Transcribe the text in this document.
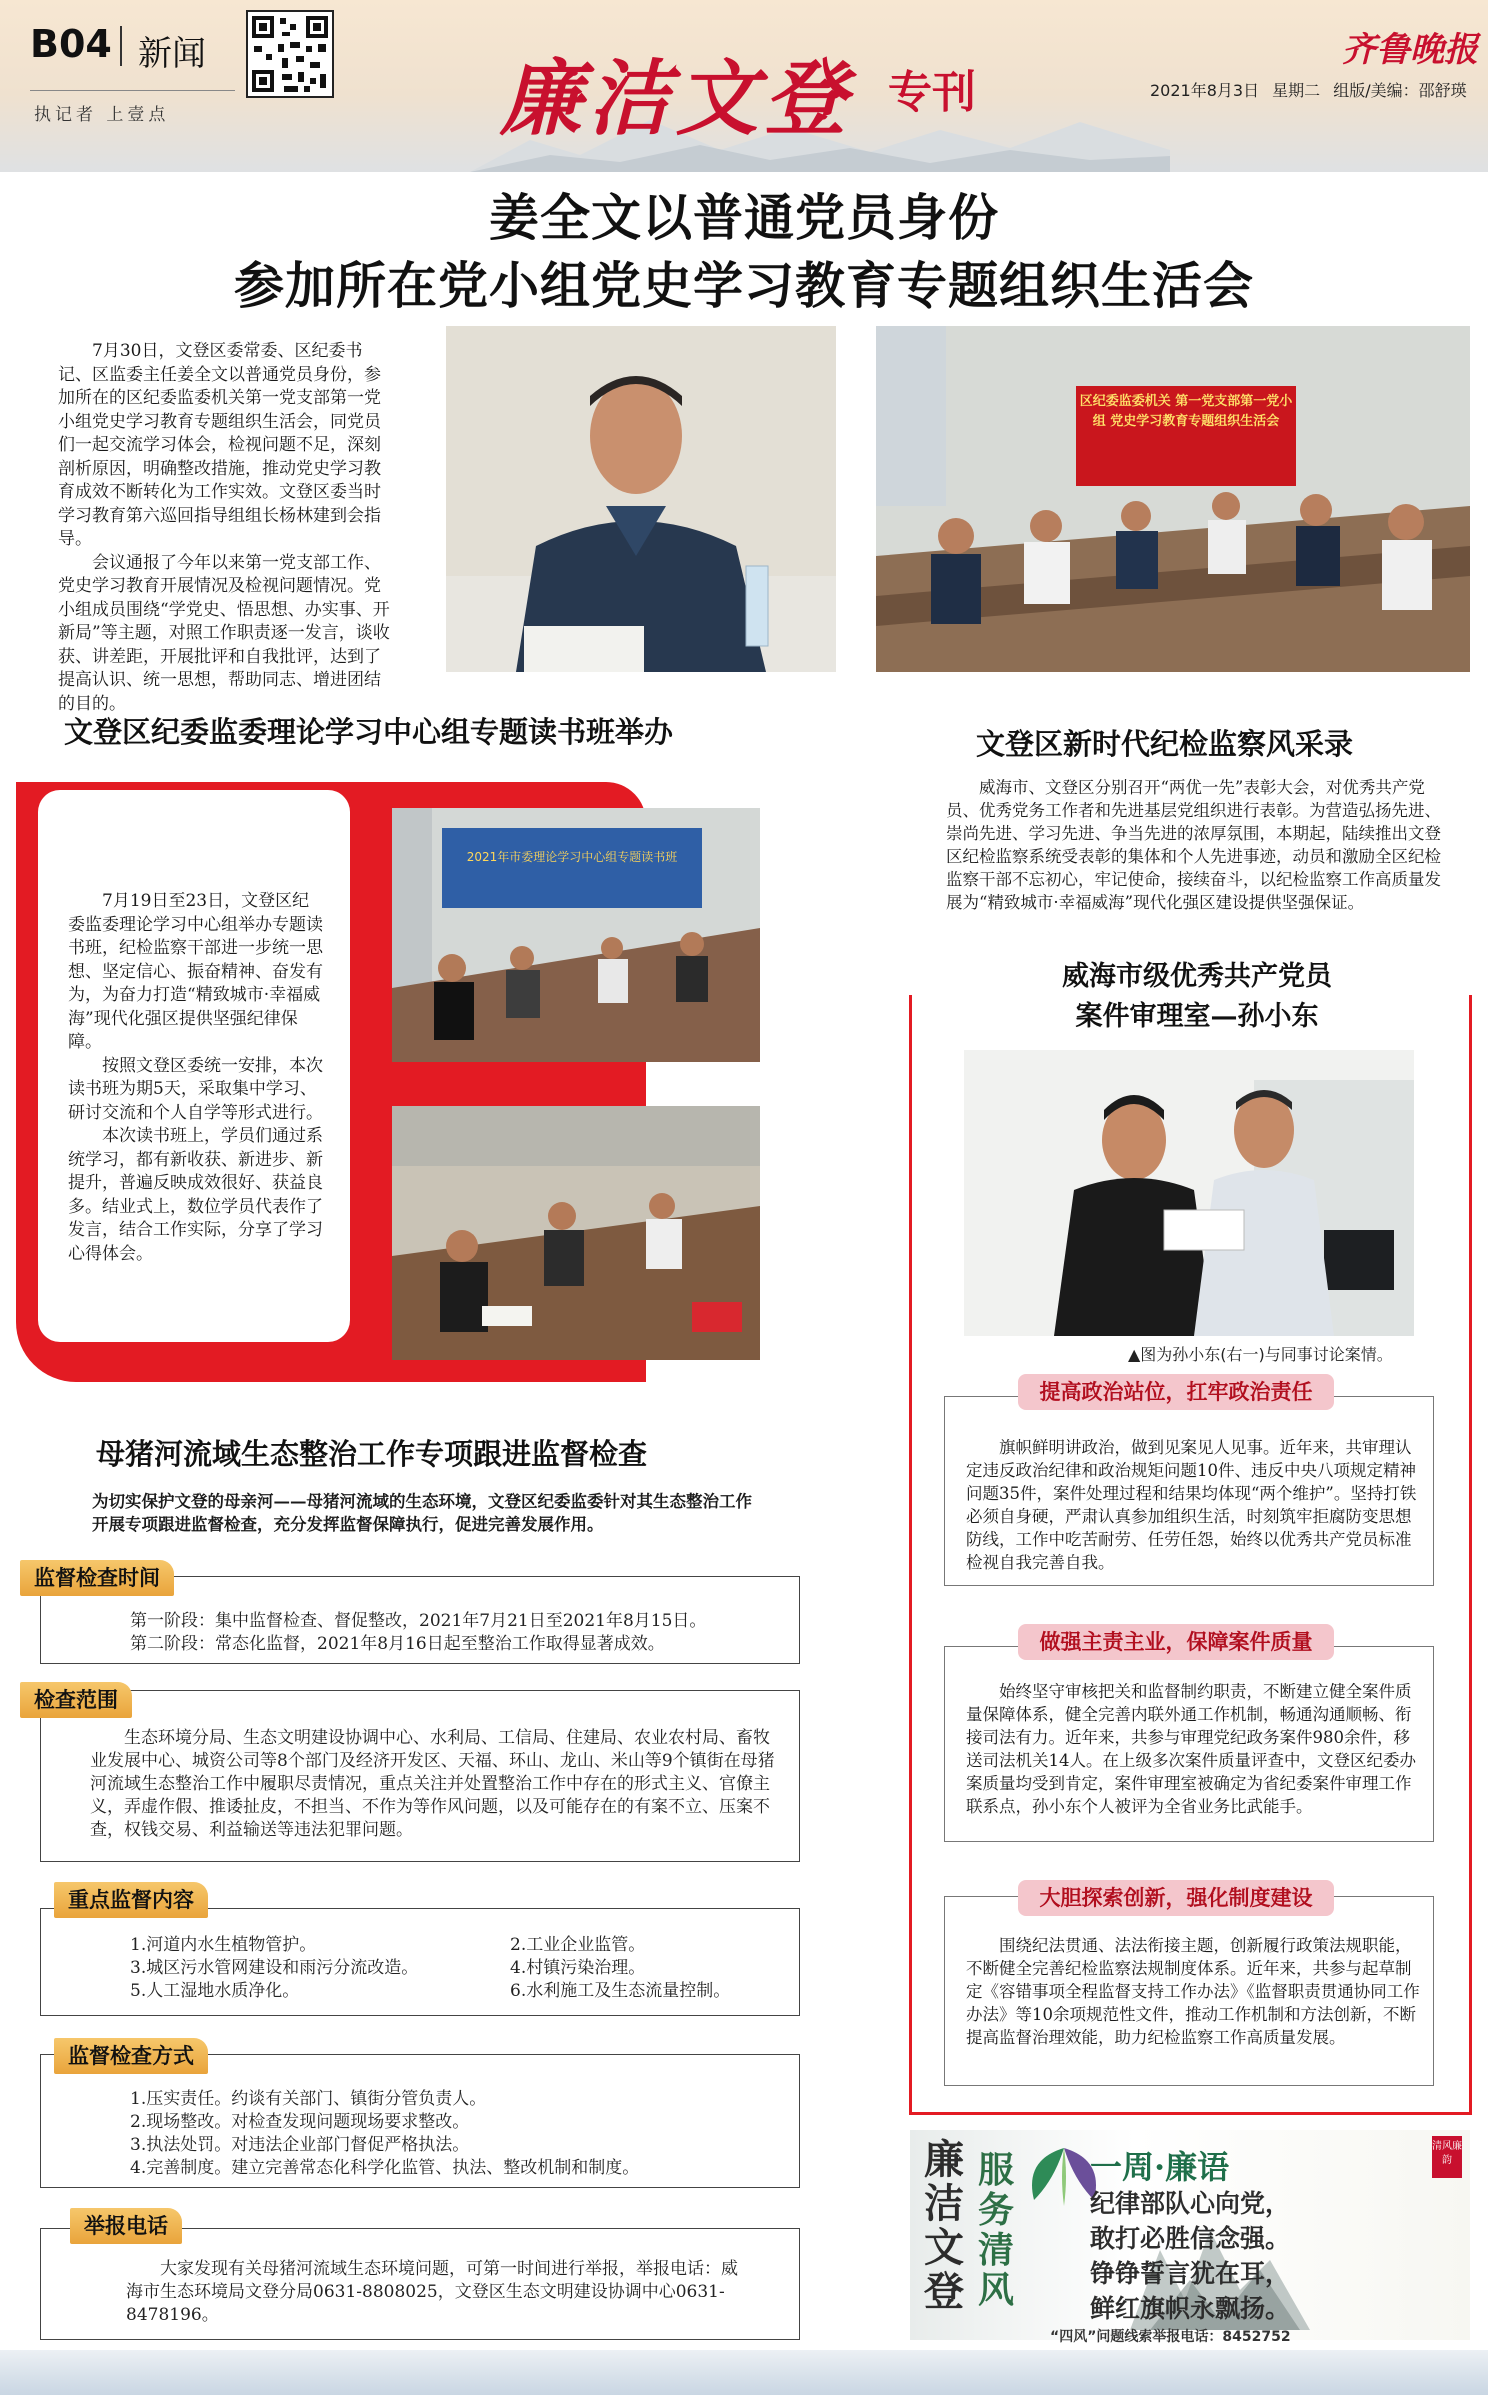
B04 新闻
执记者 上壹点	廉洁文登 专刊
齐鲁晚报
2021年8月3日 星期二 组版/美编：邵舒瑛
姜全文以普通党员身份
参加所在党小组党史学习教育专题组织生活会

7月30日，文登区委常委、区纪委书记、区监委主任姜全文以普通党员身份，参加所在的区纪委监委机关第一党支部第一党小组党史学习教育专题组织生活会，同党员们一起交流学习体会，检视问题不足，深刻剖析原因，明确整改措施，推动党史学习教育成效不断转化为工作实效。文登区委当时学习教育第六巡回指导组组长杨林建到会指导。

会议通报了今年以来第一党支部工作、党史学习教育开展情况及检视问题情况。党小组成员围绕“学党史、悟思想、办实事、开新局”等主题，对照工作职责逐一发言，谈收获、讲差距，开展批评和自我批评，达到了提高认识、统一思想，帮助同志、增进团结的目的。

区纪委监委机关 第一党支部第一党小组 党史学习教育专题组织生活会
文登区纪委监委理论学习中心组专题读书班举办

7月19日至23日，文登区纪委监委理论学习中心组举办专题读书班，纪检监察干部进一步统一思想、坚定信心、振奋精神、奋发有为，为奋力打造“精致城市·幸福威海”现代化强区提供坚强纪律保障。

按照文登区委统一安排，本次读书班为期5天，采取集中学习、研讨交流和个人自学等形式进行。

本次读书班上，学员们通过系统学习，都有新收获、新进步、新提升，普遍反映成效很好、获益良多。结业式上，数位学员代表作了发言，结合工作实际，分享了学习心得体会。

2021年市委理论学习中心组专题读书班
母猪河流域生态整治工作专项跟进监督检查
为切实保护文登的母亲河——母猪河流域的生态环境，文登区纪委监委针对其生态整治工作开展专项跟进监督检查，充分发挥监督保障执行，促进完善发展作用。
监督检查时间

第一阶段：集中监督检查、督促整改，2021年7月21日至2021年8月15日。

第二阶段：常态化监督，2021年8月16日起至整治工作取得显著成效。

检查范围
生态环境分局、生态文明建设协调中心、水利局、工信局、住建局、农业农村局、畜牧业发展中心、城资公司等8个部门及经济开发区、天福、环山、龙山、米山等9个镇街在母猪河流域生态整治工作中履职尽责情况，重点关注并处置整治工作中存在的形式主义、官僚主义，弄虚作假、推诿扯皮，不担当、不作为等作风问题，以及可能存在的有案不立、压案不查，权钱交易、利益输送等违法犯罪问题。
重点监督内容

1.河道内水生植物管护。

3.城区污水管网建设和雨污分流改造。

5.人工湿地水质净化。

2.工业企业监管。

4.村镇污染治理。

6.水利施工及生态流量控制。

监督检查方式

1.压实责任。约谈有关部门、镇街分管负责人。

2.现场整改。对检查发现问题现场要求整改。

3.执法处罚。对违法企业部门督促严格执法。

4.完善制度。建立完善常态化科学化监管、执法、整改机制和制度。

举报电话
大家发现有关母猪河流域生态环境问题，可第一时间进行举报，举报电话：威海市生态环境局文登分局0631-8808025，文登区生态文明建设协调中心0631-8478196。
文登区新时代纪检监察风采录
威海市、文登区分别召开“两优一先”表彰大会，对优秀共产党员、优秀党务工作者和先进基层党组织进行表彰。为营造弘扬先进、崇尚先进、学习先进、争当先进的浓厚氛围，本期起，陆续推出文登区纪检监察系统受表彰的集体和个人先进事迹，动员和激励全区纪检监察干部不忘初心，牢记使命，接续奋斗，以纪检监察工作高质量发展为“精致城市·幸福威海”现代化强区建设提供坚强保证。
威海市级优秀共产党员
案件审理室—孙小东
▲图为孙小东(右一)与同事讨论案情。
提高政治站位，扛牢政治责任
旗帜鲜明讲政治，做到见案见人见事。近年来，共审理认定违反政治纪律和政治规矩问题10件、违反中央八项规定精神问题35件，案件处理过程和结果均体现“两个维护”。坚持打铁必须自身硬，严肃认真参加组织生活，时刻筑牢拒腐防变思想防线，工作中吃苦耐劳、任劳任怨，始终以优秀共产党员标准检视自我完善自我。
做强主责主业，保障案件质量
始终坚守审核把关和监督制约职责，不断建立健全案件质量保障体系，健全完善内联外通工作机制，畅通沟通顺畅、衔接司法有力。近年来，共参与审理党纪政务案件980余件，移送司法机关14人。在上级多次案件质量评查中，文登区纪委办案质量均受到肯定，案件审理室被确定为省纪委案件审理工作联系点，孙小东个人被评为全省业务比武能手。
大胆探索创新，强化制度建设
围绕纪法贯通、法法衔接主题，创新履行政策法规职能，不断健全完善纪检监察法规制度体系。近年来，共参与起草制定《容错事项全程监督支持工作办法》《监督职责贯通协同工作办法》等10余项规范性文件，推动工作机制和方法创新，不断提高监督治理效能，助力纪检监察工作高质量发展。
廉洁文登
服务清风
清风廉韵
一周·廉语

纪律部队心向党，

敢打必胜信念强。

铮铮誓言犹在耳，

鲜红旗帜永飘扬。

“四风”问题线索举报电话：8452752
